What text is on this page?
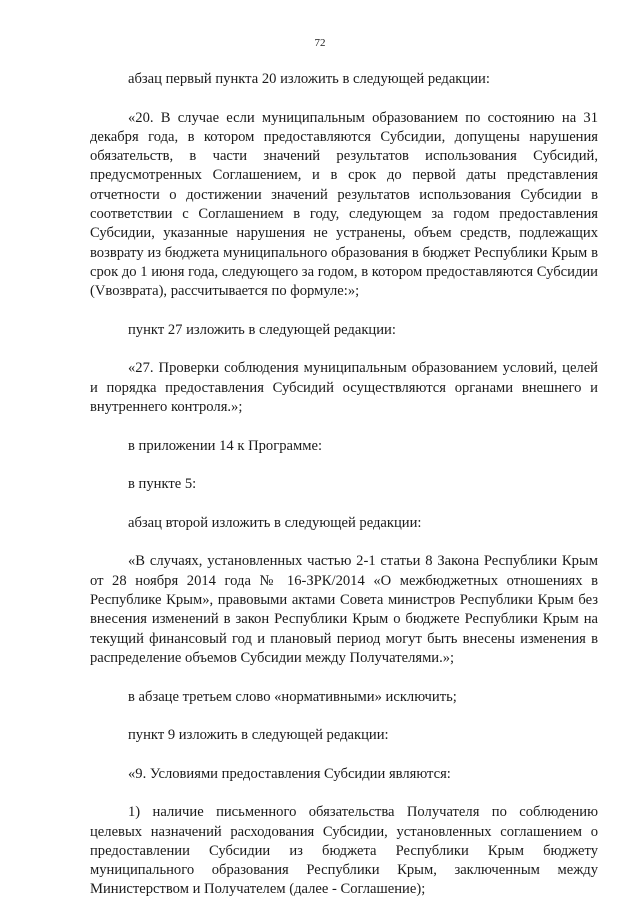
72

абзац первый пункта 20 изложить в следующей редакции:

«20. В случае если муниципальным образованием по состоянию на 31 декабря года, в котором предоставляются Субсидии, допущены нарушения обязательств, в части значений результатов использования Субсидий, предусмотренных Соглашением, и в срок до первой даты представления отчетности о достижении значений результатов использования Субсидии в соответствии с Соглашением в году, следующем за годом предоставления Субсидии, указанные нарушения не устранены, объем средств, подлежащих возврату из бюджета муниципального образования в бюджет Республики Крым в срок до 1 июня года, следующего за годом, в котором предоставляются Субсидии (Vвозврата), рассчитывается по формуле:»;

пункт 27 изложить в следующей редакции:

«27. Проверки соблюдения муниципальным образованием условий, целей и порядка предоставления Субсидий осуществляются органами внешнего и внутреннего контроля.»;

в приложении 14 к Программе:

в пункте 5:

абзац второй изложить в следующей редакции:

«В случаях, установленных частью 2-1 статьи 8 Закона Республики Крым от 28 ноября 2014 года № 16-ЗРК/2014 «О межбюджетных отношениях в Республике Крым», правовыми актами Совета министров Республики Крым без внесения изменений в закон Республики Крым о бюджете Республики Крым на текущий финансовый год и плановый период могут быть внесены изменения в распределение объемов Субсидии между Получателями.»;

в абзаце третьем слово «нормативными» исключить;

пункт 9 изложить в следующей редакции:

«9. Условиями предоставления Субсидии являются:

1) наличие письменного обязательства Получателя по соблюдению целевых назначений расходования Субсидии, установленных соглашением о предоставлении Субсидии из бюджета Республики Крым бюджету муниципального образования Республики Крым, заключенным между Министерством и Получателем (далее - Соглашение);
